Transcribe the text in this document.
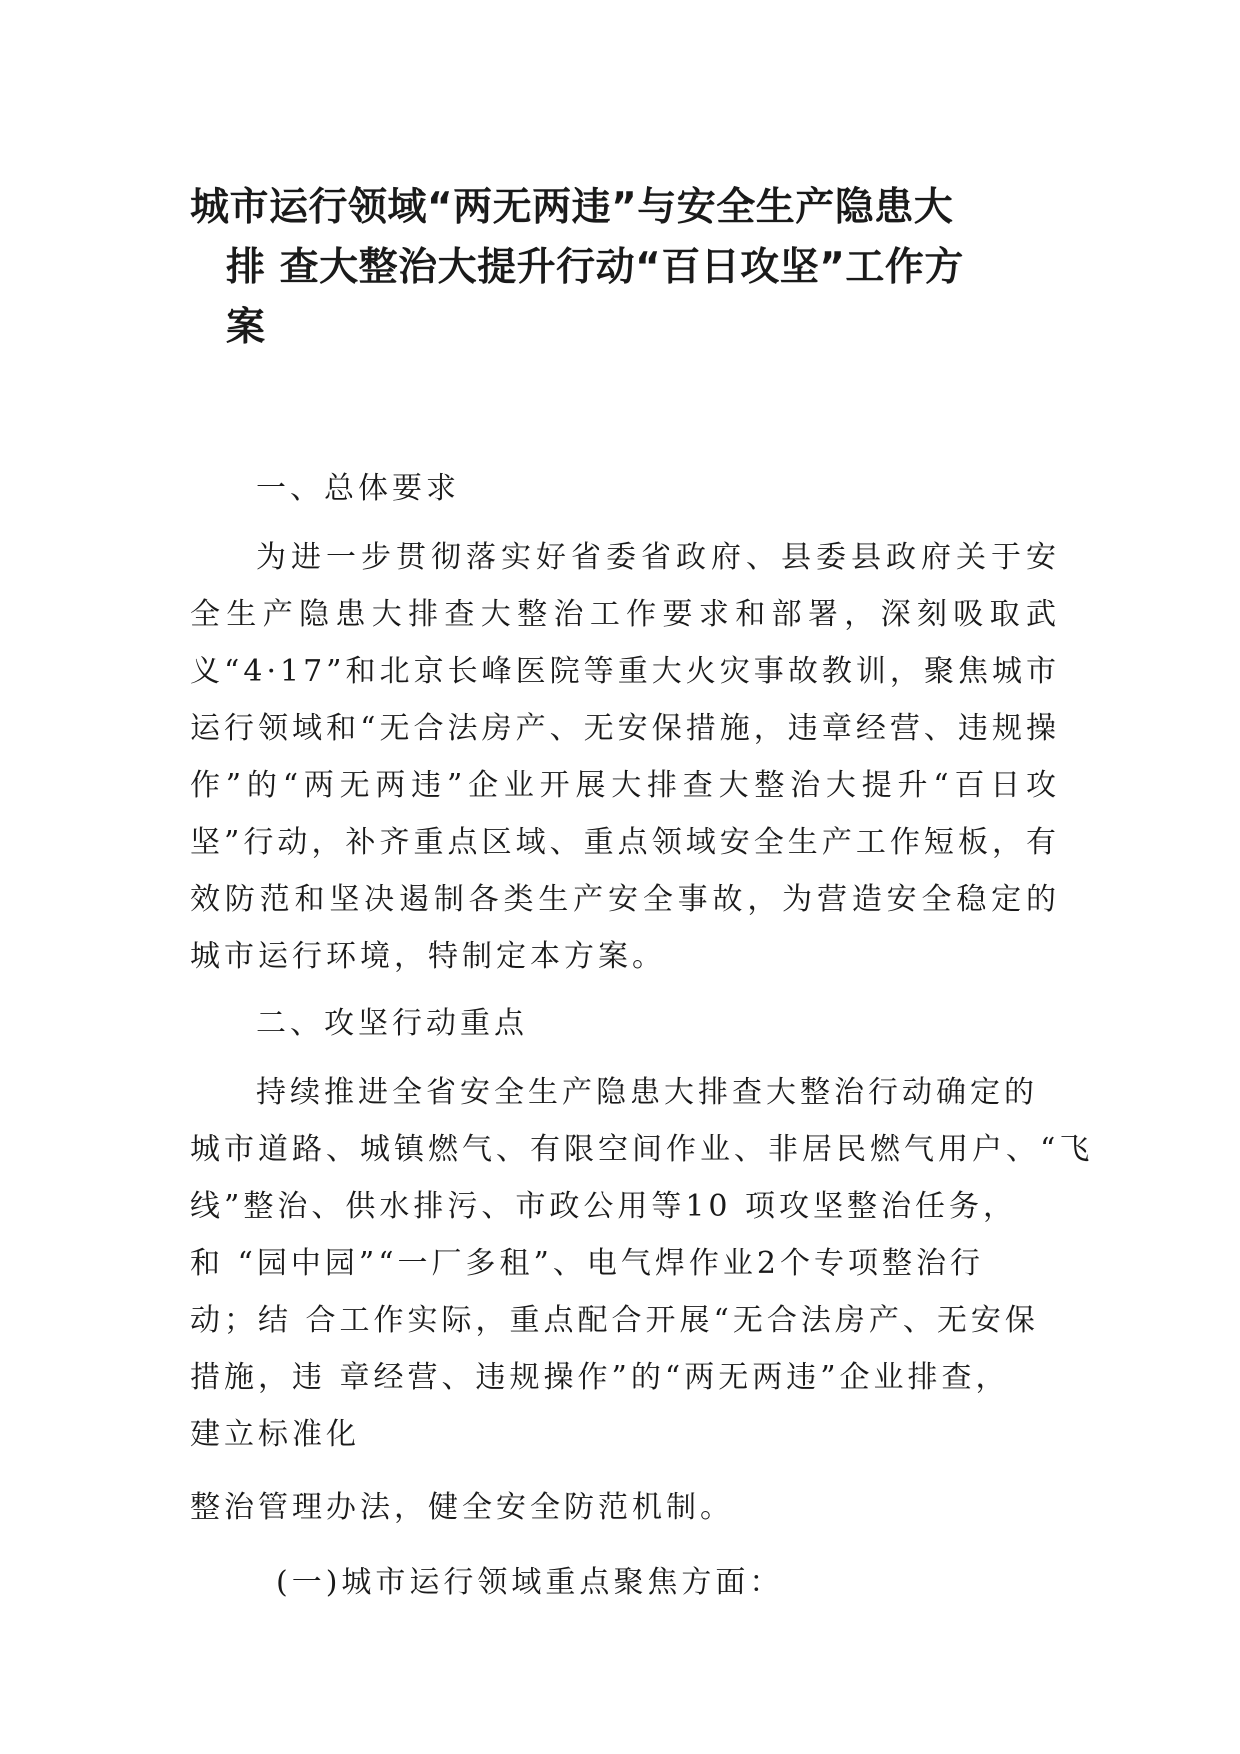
城市运行领域“两无两违”与安全生产隐患大
排 查大整治大提升行动“百日攻坚”工作方
案
一、总体要求
为进一步贯彻落实好省委省政府、县委县政府关于安全生产隐患大排查大整治工作要求和部署，深刻吸取武义“4·17”和北京长峰医院等重大火灾事故教训，聚焦城市运行领域和“无合法房产、无安保措施，违章经营、违规操作”的“两无两违”企业开展大排查大整治大提升“百日攻坚”行动，补齐重点区域、重点领域安全生产工作短板，有效防范和坚决遏制各类生产安全事故，为营造安全稳定的城市运行环境，特制定本方案。
二、攻坚行动重点
持续推进全省安全生产隐患大排查大整治行动确定的
城市道路、城镇燃气、有限空间作业、非居民燃气用户、“飞
线”整治、供水排污、市政公用等10 项攻坚整治任务，
和 “园中园”“一厂多租”、电气焊作业2个专项整治行
动；结 合工作实际，重点配合开展“无合法房产、无安保
措施，违 章经营、违规操作”的“两无两违”企业排查，
建立标准化
整治管理办法，健全安全防范机制。
(一)城市运行领域重点聚焦方面：
